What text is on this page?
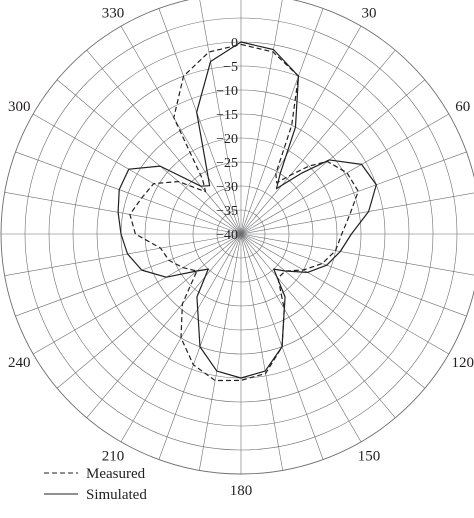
0
−5
−10
−15
−20
−25
−30
−35
−40
30
60
120
150
180
210
240
300
330
Measured
Simulated
